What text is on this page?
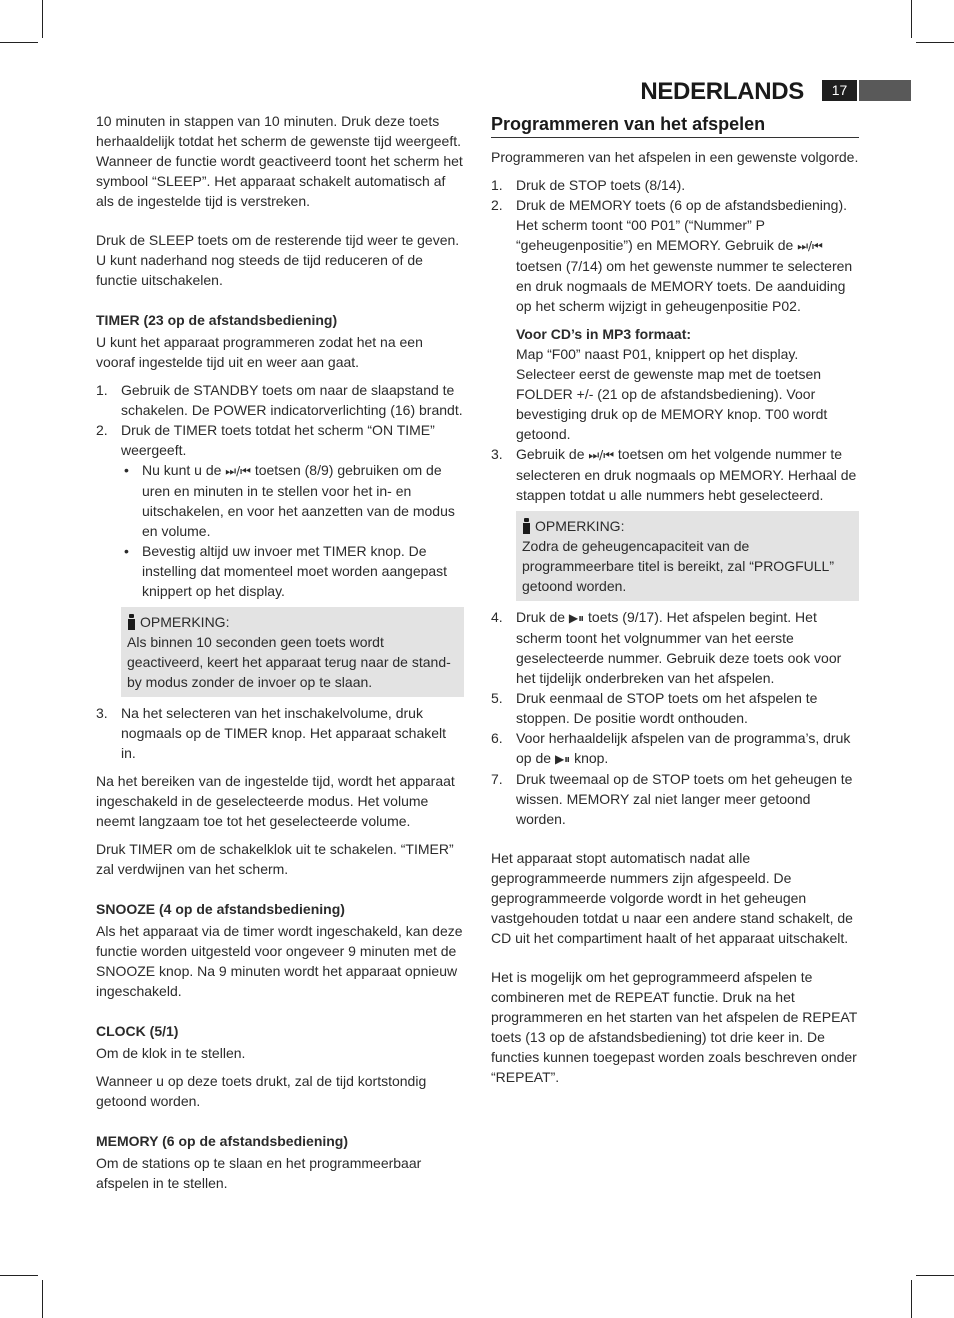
NEDERLANDS	17

10 minuten in stappen van 10 minuten. Druk deze toets herhaaldelijk totdat het scherm de gewenste tijd weergeeft. Wanneer de functie wordt geactiveerd toont het scherm het symbool “SLEEP”. Het apparaat schakelt automatisch af als de ingestelde tijd is verstreken.

Druk de SLEEP toets om de resterende tijd weer te geven. U kunt naderhand nog steeds de tijd reduceren of de functie uitschakelen.

TIMER (23 op de afstandsbediening)

U kunt het apparaat programmeren zodat het na een vooraf ingestelde tijd uit en weer aan gaat.

1. Gebruik de STANDBY toets om naar de slaapstand te schakelen. De POWER indicatorverlichting (16) brandt.
2. Druk de TIMER toets totdat het scherm “ON TIME” weergeeft.
• Nu kunt u de ⏭/⏮ toetsen (8/9) gebruiken om de uren en minuten in te stellen voor het in- en uitschakelen, en voor het aanzetten van de modus en volume.
• Bevestig altijd uw invoer met TIMER knop. De instelling dat momenteel moet worden aangepast knippert op het display.
OPMERKING:

Als binnen 10 seconden geen toets wordt geactiveerd, keert het apparaat terug naar de stand-by modus zonder de invoer op te slaan.

3. Na het selecteren van het inschakelvolume, druk nogmaals op de TIMER knop. Het apparaat schakelt in.

Na het bereiken van de ingestelde tijd, wordt het apparaat ingeschakeld in de geselecteerde modus. Het volume neemt langzaam toe tot het geselecteerde volume.

Druk TIMER om de schakelklok uit te schakelen. “TIMER” zal verdwijnen van het scherm.

SNOOZE (4 op de afstandsbediening)

Als het apparaat via de timer wordt ingeschakeld, kan deze functie worden uitgesteld voor ongeveer 9 minuten met de SNOOZE knop. Na 9 minuten wordt het apparaat opnieuw ingeschakeld.

CLOCK (5/1)

Om de klok in te stellen.

Wanneer u op deze toets drukt, zal de tijd kortstondig getoond worden.

MEMORY (6 op de afstandsbediening)

Om de stations op te slaan en het programmeerbaar afspelen in te stellen.

Programmeren van het afspelen

Programmeren van het afspelen in een gewenste volgorde.

1. Druk de STOP toets (8/14).
2. Druk de MEMORY toets (6 op de afstandsbediening). Het scherm toont “00 P01” (“Nummer” P “geheugenpositie”) en MEMORY. Gebruik de ⏭/⏮ toetsen (7/14) om het gewenste nummer te selecteren en druk nogmaals de MEMORY toets. De aanduiding op het scherm wijzigt in geheugenpositie P02.
Voor CD’s in MP3 formaat:

Map “F00” naast P01, knippert op het display. Selecteer eerst de gewenste map met de toetsen FOLDER +/- (21 op de afstandsbediening). Voor bevestiging druk op de MEMORY knop. T00 wordt getoond.

3. Gebruik de ⏭/⏮ toetsen om het volgende nummer te selecteren en druk nogmaals op MEMORY. Herhaal de stappen totdat u alle nummers hebt geselecteerd.
OPMERKING:

Zodra de geheugencapaciteit van de programmeerbare titel is bereikt, zal “PROGFULL” getoond worden.

4. Druk de ▶⏸ toets (9/17). Het afspelen begint. Het scherm toont het volgnummer van het eerste geselecteerde nummer. Gebruik deze toets ook voor het tijdelijk onderbreken van het afspelen.
5. Druk eenmaal de STOP toets om het afspelen te stoppen. De positie wordt onthouden.
6. Voor herhaaldelijk afspelen van de programma’s, druk op de ▶⏸ knop.
7. Druk tweemaal op de STOP toets om het geheugen te wissen. MEMORY zal niet langer meer getoond worden.

Het apparaat stopt automatisch nadat alle geprogrammeerde nummers zijn afgespeeld. De geprogrammeerde volgorde wordt in het geheugen vastgehouden totdat u naar een andere stand schakelt, de CD uit het compartiment haalt of het apparaat uitschakelt.

Het is mogelijk om het geprogrammeerd afspelen te combineren met de REPEAT functie. Druk na het programmeren en het starten van het afspelen de REPEAT toets (13 op de afstandsbediening) tot drie keer in. De functies kunnen toegepast worden zoals beschreven onder “REPEAT”.
